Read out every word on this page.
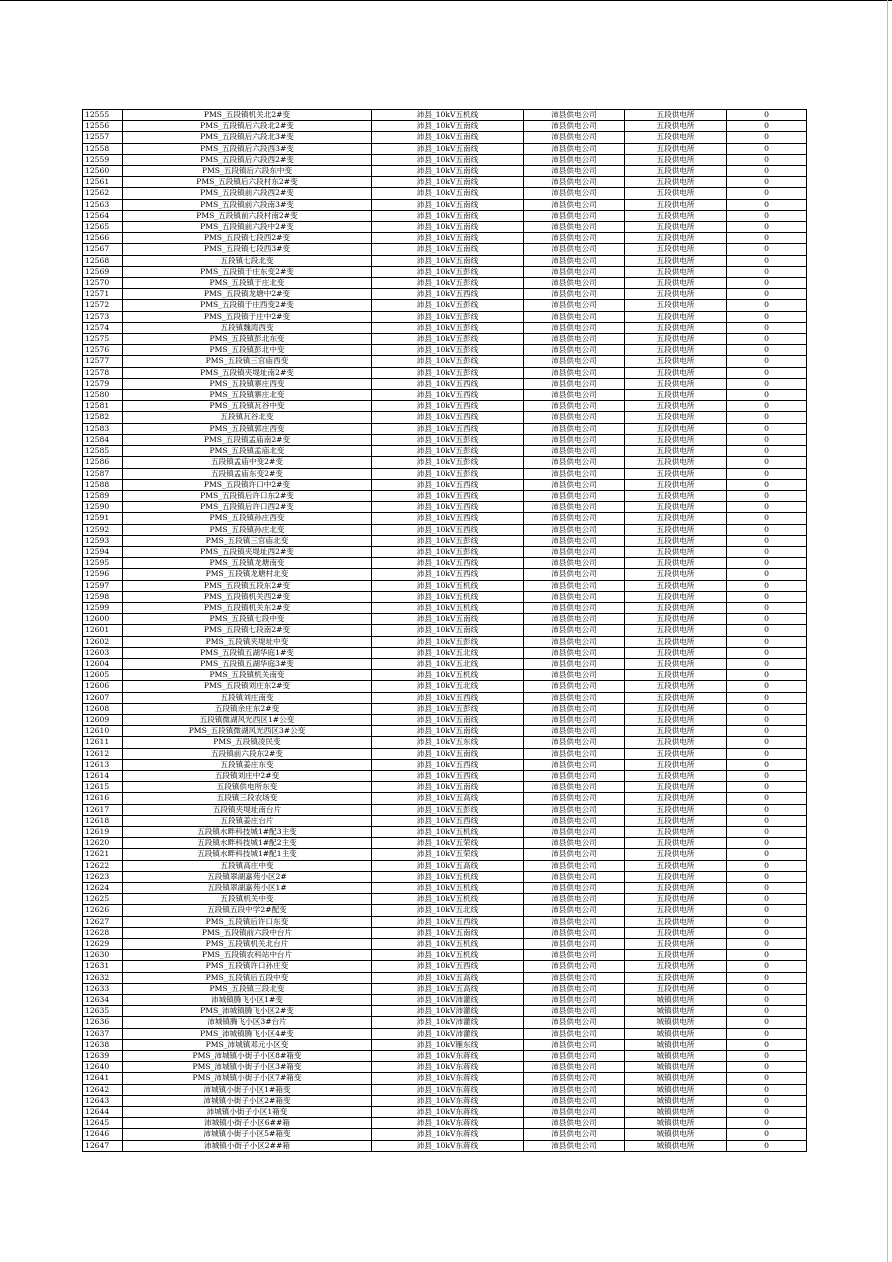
12555	PMS_五段镇机关北2#变	沛县_10kV五机线	沛县供电公司	五段供电所	0
12556	PMS_五段镇后六段北2#变	沛县_10kV五南线	沛县供电公司	五段供电所	0
12557	PMS_五段镇后六段北3#变	沛县_10kV五南线	沛县供电公司	五段供电所	0
12558	PMS_五段镇后六段西3#变	沛县_10kV五南线	沛县供电公司	五段供电所	0
12559	PMS_五段镇后六段西2#变	沛县_10kV五南线	沛县供电公司	五段供电所	0
12560	PMS_五段镇后六段东中变	沛县_10kV五南线	沛县供电公司	五段供电所	0
12561	PMS_五段镇后六段村东2#变	沛县_10kV五南线	沛县供电公司	五段供电所	0
12562	PMS_五段镇前六段西2#变	沛县_10kV五南线	沛县供电公司	五段供电所	0
12563	PMS_五段镇前六段南3#变	沛县_10kV五南线	沛县供电公司	五段供电所	0
12564	PMS_五段镇前六段村南2#变	沛县_10kV五南线	沛县供电公司	五段供电所	0
12565	PMS_五段镇前六段中2#变	沛县_10kV五南线	沛县供电公司	五段供电所	0
12566	PMS_五段镇七段西2#变	沛县_10kV五南线	沛县供电公司	五段供电所	0
12567	PMS_五段镇七段西3#变	沛县_10kV五南线	沛县供电公司	五段供电所	0
12568	五段镇七段北变	沛县_10kV五南线	沛县供电公司	五段供电所	0
12569	PMS_五段镇于庄东变2#变	沛县_10kV五彭线	沛县供电公司	五段供电所	0
12570	PMS_五段镇于庄北变	沛县_10kV五彭线	沛县供电公司	五段供电所	0
12571	PMS_五段镇龙塘中2#变	沛县_10kV五西线	沛县供电公司	五段供电所	0
12572	PMS_五段镇于庄西变2#变	沛县_10kV五彭线	沛县供电公司	五段供电所	0
12573	PMS_五段镇于庄中2#变	沛县_10kV五彭线	沛县供电公司	五段供电所	0
12574	五段镇魏湾西变	沛县_10kV五彭线	沛县供电公司	五段供电所	0
12575	PMS_五段镇彭北东变	沛县_10kV五彭线	沛县供电公司	五段供电所	0
12576	PMS_五段镇彭北中变	沛县_10kV五彭线	沛县供电公司	五段供电所	0
12577	PMS_五段镇三官庙西变	沛县_10kV五彭线	沛县供电公司	五段供电所	0
12578	PMS_五段镇夹堤址南2#变	沛县_10kV五彭线	沛县供电公司	五段供电所	0
12579	PMS_五段镇寨庄西变	沛县_10kV五西线	沛县供电公司	五段供电所	0
12580	PMS_五段镇寨庄北变	沛县_10kV五西线	沛县供电公司	五段供电所	0
12581	PMS_五段镇瓦谷中变	沛县_10kV五西线	沛县供电公司	五段供电所	0
12582	五段镇瓦谷北变	沛县_10kV五西线	沛县供电公司	五段供电所	0
12583	PMS_五段镇郭庄西变	沛县_10kV五西线	沛县供电公司	五段供电所	0
12584	PMS_五段镇孟庙南2#变	沛县_10kV五彭线	沛县供电公司	五段供电所	0
12585	PMS_五段镇孟庙北变	沛县_10kV五彭线	沛县供电公司	五段供电所	0
12586	五段镇孟庙中变2#变	沛县_10kV五彭线	沛县供电公司	五段供电所	0
12587	五段镇孟庙东变2#变	沛县_10kV五彭线	沛县供电公司	五段供电所	0
12588	PMS_五段镇许口中2#变	沛县_10kV五西线	沛县供电公司	五段供电所	0
12589	PMS_五段镇后许口东2#变	沛县_10kV五西线	沛县供电公司	五段供电所	0
12590	PMS_五段镇后许口西2#变	沛县_10kV五西线	沛县供电公司	五段供电所	0
12591	PMS_五段镇孙庄西变	沛县_10kV五西线	沛县供电公司	五段供电所	0
12592	PMS_五段镇孙庄北变	沛县_10kV五西线	沛县供电公司	五段供电所	0
12593	PMS_五段镇三官庙北变	沛县_10kV五彭线	沛县供电公司	五段供电所	0
12594	PMS_五段镇夹堤址西2#变	沛县_10kV五彭线	沛县供电公司	五段供电所	0
12595	PMS_五段镇龙塘南变	沛县_10kV五西线	沛县供电公司	五段供电所	0
12596	PMS_五段镇龙塘村北变	沛县_10kV五西线	沛县供电公司	五段供电所	0
12597	PMS_五段镇五段东2#变	沛县_10kV五机线	沛县供电公司	五段供电所	0
12598	PMS_五段镇机关西2#变	沛县_10kV五机线	沛县供电公司	五段供电所	0
12599	PMS_五段镇机关东2#变	沛县_10kV五机线	沛县供电公司	五段供电所	0
12600	PMS_五段镇七段中变	沛县_10kV五南线	沛县供电公司	五段供电所	0
12601	PMS_五段镇七段南2#变	沛县_10kV五南线	沛县供电公司	五段供电所	0
12602	PMS_五段镇夹堤址中变	沛县_10kV五彭线	沛县供电公司	五段供电所	0
12603	PMS_五段镇五湖华庭1#变	沛县_10kV五北线	沛县供电公司	五段供电所	0
12604	PMS_五段镇五湖华庭3#变	沛县_10kV五北线	沛县供电公司	五段供电所	0
12605	PMS_五段镇机关南变	沛县_10kV五机线	沛县供电公司	五段供电所	0
12606	PMS_五段镇刘庄东2#变	沛县_10kV五北线	沛县供电公司	五段供电所	0
12607	五段镇刘庄南变	沛县_10kV五西线	沛县供电公司	五段供电所	0
12608	五段镇余庄东2#变	沛县_10kV五彭线	沛县供电公司	五段供电所	0
12609	五段镇微湖风光西区1#公变	沛县_10kV五南线	沛县供电公司	五段供电所	0
12610	PMS_五段镇微湖风光西区3#公变	沛县_10kV五南线	沛县供电公司	五段供电所	0
12611	PMS_五段镇凌民变	沛县_10kV五东线	沛县供电公司	五段供电所	0
12612	五段镇前六段东2#变	沛县_10kV五南线	沛县供电公司	五段供电所	0
12613	五段镇姜庄东变	沛县_10kV五西线	沛县供电公司	五段供电所	0
12614	五段镇刘庄中2#变	沛县_10kV五西线	沛县供电公司	五段供电所	0
12615	五段镇供电所东变	沛县_10kV五南线	沛县供电公司	五段供电所	0
12616	五段镇三段农场变	沛县_10kV五高线	沛县供电公司	五段供电所	0
12617	五段镇夹堤址南台片	沛县_10kV五彭线	沛县供电公司	五段供电所	0
12618	五段镇姜庄台片	沛县_10kV五西线	沛县供电公司	五段供电所	0
12619	五段镇水畔科技城1#配3主变	沛县_10kV五机线	沛县供电公司	五段供电所	0
12620	五段镇水畔科技城1#配2主变	沛县_10kV五荣线	沛县供电公司	五段供电所	0
12621	五段镇水畔科技城1#配1主变	沛县_10kV五荣线	沛县供电公司	五段供电所	0
12622	五段镇高庄中变	沛县_10kV五高线	沛县供电公司	五段供电所	0
12623	五段镇翠湖嘉苑小区2#	沛县_10kV五机线	沛县供电公司	五段供电所	0
12624	五段镇翠湖嘉苑小区1#	沛县_10kV五机线	沛县供电公司	五段供电所	0
12625	五段镇机关中变	沛县_10kV五机线	沛县供电公司	五段供电所	0
12626	五段镇五段中学2#配变	沛县_10kV五北线	沛县供电公司	五段供电所	0
12627	PMS_五段镇后许口东变	沛县_10kV五西线	沛县供电公司	五段供电所	0
12628	PMS_五段镇前六段中台片	沛县_10kV五南线	沛县供电公司	五段供电所	0
12629	PMS_五段镇机关北台片	沛县_10kV五机线	沛县供电公司	五段供电所	0
12630	PMS_五段镇农科站中台片	沛县_10kV五机线	沛县供电公司	五段供电所	0
12631	PMS_五段镇许口孙庄变	沛县_10kV五西线	沛县供电公司	五段供电所	0
12632	PMS_五段镇后五段中变	沛县_10kV五高线	沛县供电公司	五段供电所	0
12633	PMS_五段镇三段北变	沛县_10kV五高线	沛县供电公司	五段供电所	0
12634	沛城镇腾飞小区1#变	沛县_10kV沛灌线	沛县供电公司	城镇供电所	0
12635	PMS_沛城镇腾飞小区2#变	沛县_10kV沛灌线	沛县供电公司	城镇供电所	0
12636	沛城镇腾飞小区3#台片	沛县_10kV沛灌线	沛县供电公司	城镇供电所	0
12637	PMS_沛城镇腾飞小区4#变	沛县_10kV沛灌线	沛县供电公司	城镇供电所	0
12638	PMS_沛城镇邓元小区变	沛县_10kV雁东线	沛县供电公司	城镇供电所	0
12639	PMS_沛城镇小街子小区8#箱变	沛县_10kV东蒋线	沛县供电公司	城镇供电所	0
12640	PMS_沛城镇小街子小区3#箱变	沛县_10kV东蒋线	沛县供电公司	城镇供电所	0
12641	PMS_沛城镇小街子小区7#箱变	沛县_10kV东蒋线	沛县供电公司	城镇供电所	0
12642	沛城镇小街子小区1#箱变	沛县_10kV东蒋线	沛县供电公司	城镇供电所	0
12643	沛城镇小街子小区2#箱变	沛县_10kV东蒋线	沛县供电公司	城镇供电所	0
12644	沛城镇小街子小区1箱变	沛县_10kV东蒋线	沛县供电公司	城镇供电所	0
12645	沛城镇小街子小区6##箱	沛县_10kV东蒋线	沛县供电公司	城镇供电所	0
12646	沛城镇小街子小区5#箱变	沛县_10kV东蒋线	沛县供电公司	城镇供电所	0
12647	沛城镇小街子小区2##箱	沛县_10kV东蒋线	沛县供电公司	城镇供电所	0
